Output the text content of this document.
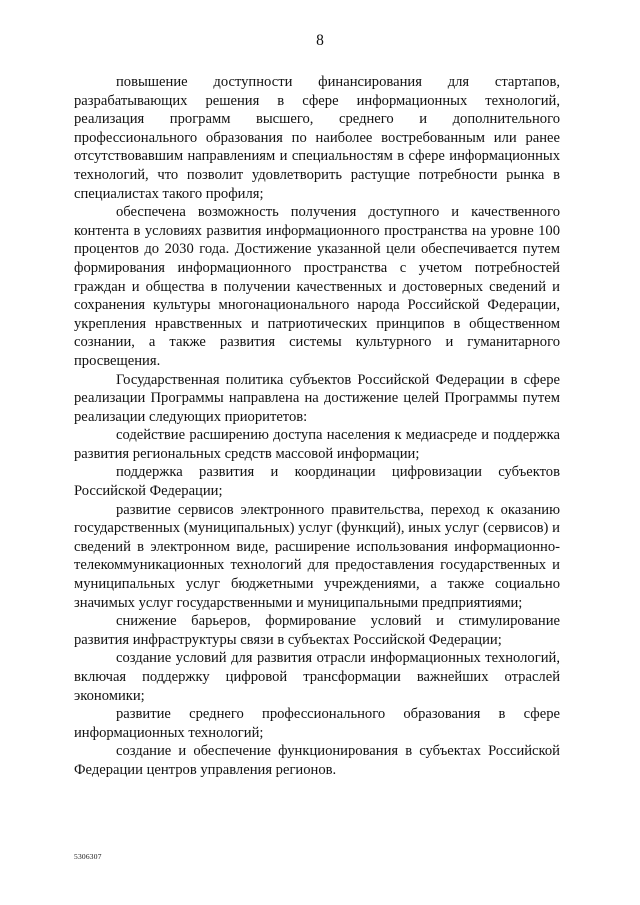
8

повышение доступности финансирования для стартапов, разрабатывающих решения в сфере информационных технологий, реализация программ высшего, среднего и дополнительного профессионального образования по наиболее востребованным или ранее отсутствовавшим направлениям и специальностям в сфере информационных технологий, что позволит удовлетворить растущие потребности рынка в специалистах такого профиля;

обеспечена возможность получения доступного и качественного контента в условиях развития информационного пространства на уровне 100 процентов до 2030 года. Достижение указанной цели обеспечивается путем формирования информационного пространства с учетом потребностей граждан и общества в получении качественных и достоверных сведений и сохранения культуры многонационального народа Российской Федерации, укрепления нравственных и патриотических принципов в общественном сознании, а также развития системы культурного и гуманитарного просвещения.

Государственная политика субъектов Российской Федерации в сфере реализации Программы направлена на достижение целей Программы путем реализации следующих приоритетов:

содействие расширению доступа населения к медиасреде и поддержка развития региональных средств массовой информации;

поддержка развития и координации цифровизации субъектов Российской Федерации;

развитие сервисов электронного правительства, переход к оказанию государственных (муниципальных) услуг (функций), иных услуг (сервисов) и сведений в электронном виде, расширение использования информационно-телекоммуникационных технологий для предоставления государственных и муниципальных услуг бюджетными учреждениями, а также социально значимых услуг государственными и муниципальными предприятиями;

снижение барьеров, формирование условий и стимулирование развития инфраструктуры связи в субъектах Российской Федерации;

создание условий для развития отрасли информационных технологий, включая поддержку цифровой трансформации важнейших отраслей экономики;

развитие среднего профессионального образования в сфере информационных технологий;

создание и обеспечение функционирования в субъектах Российской Федерации центров управления регионов.

5306307
